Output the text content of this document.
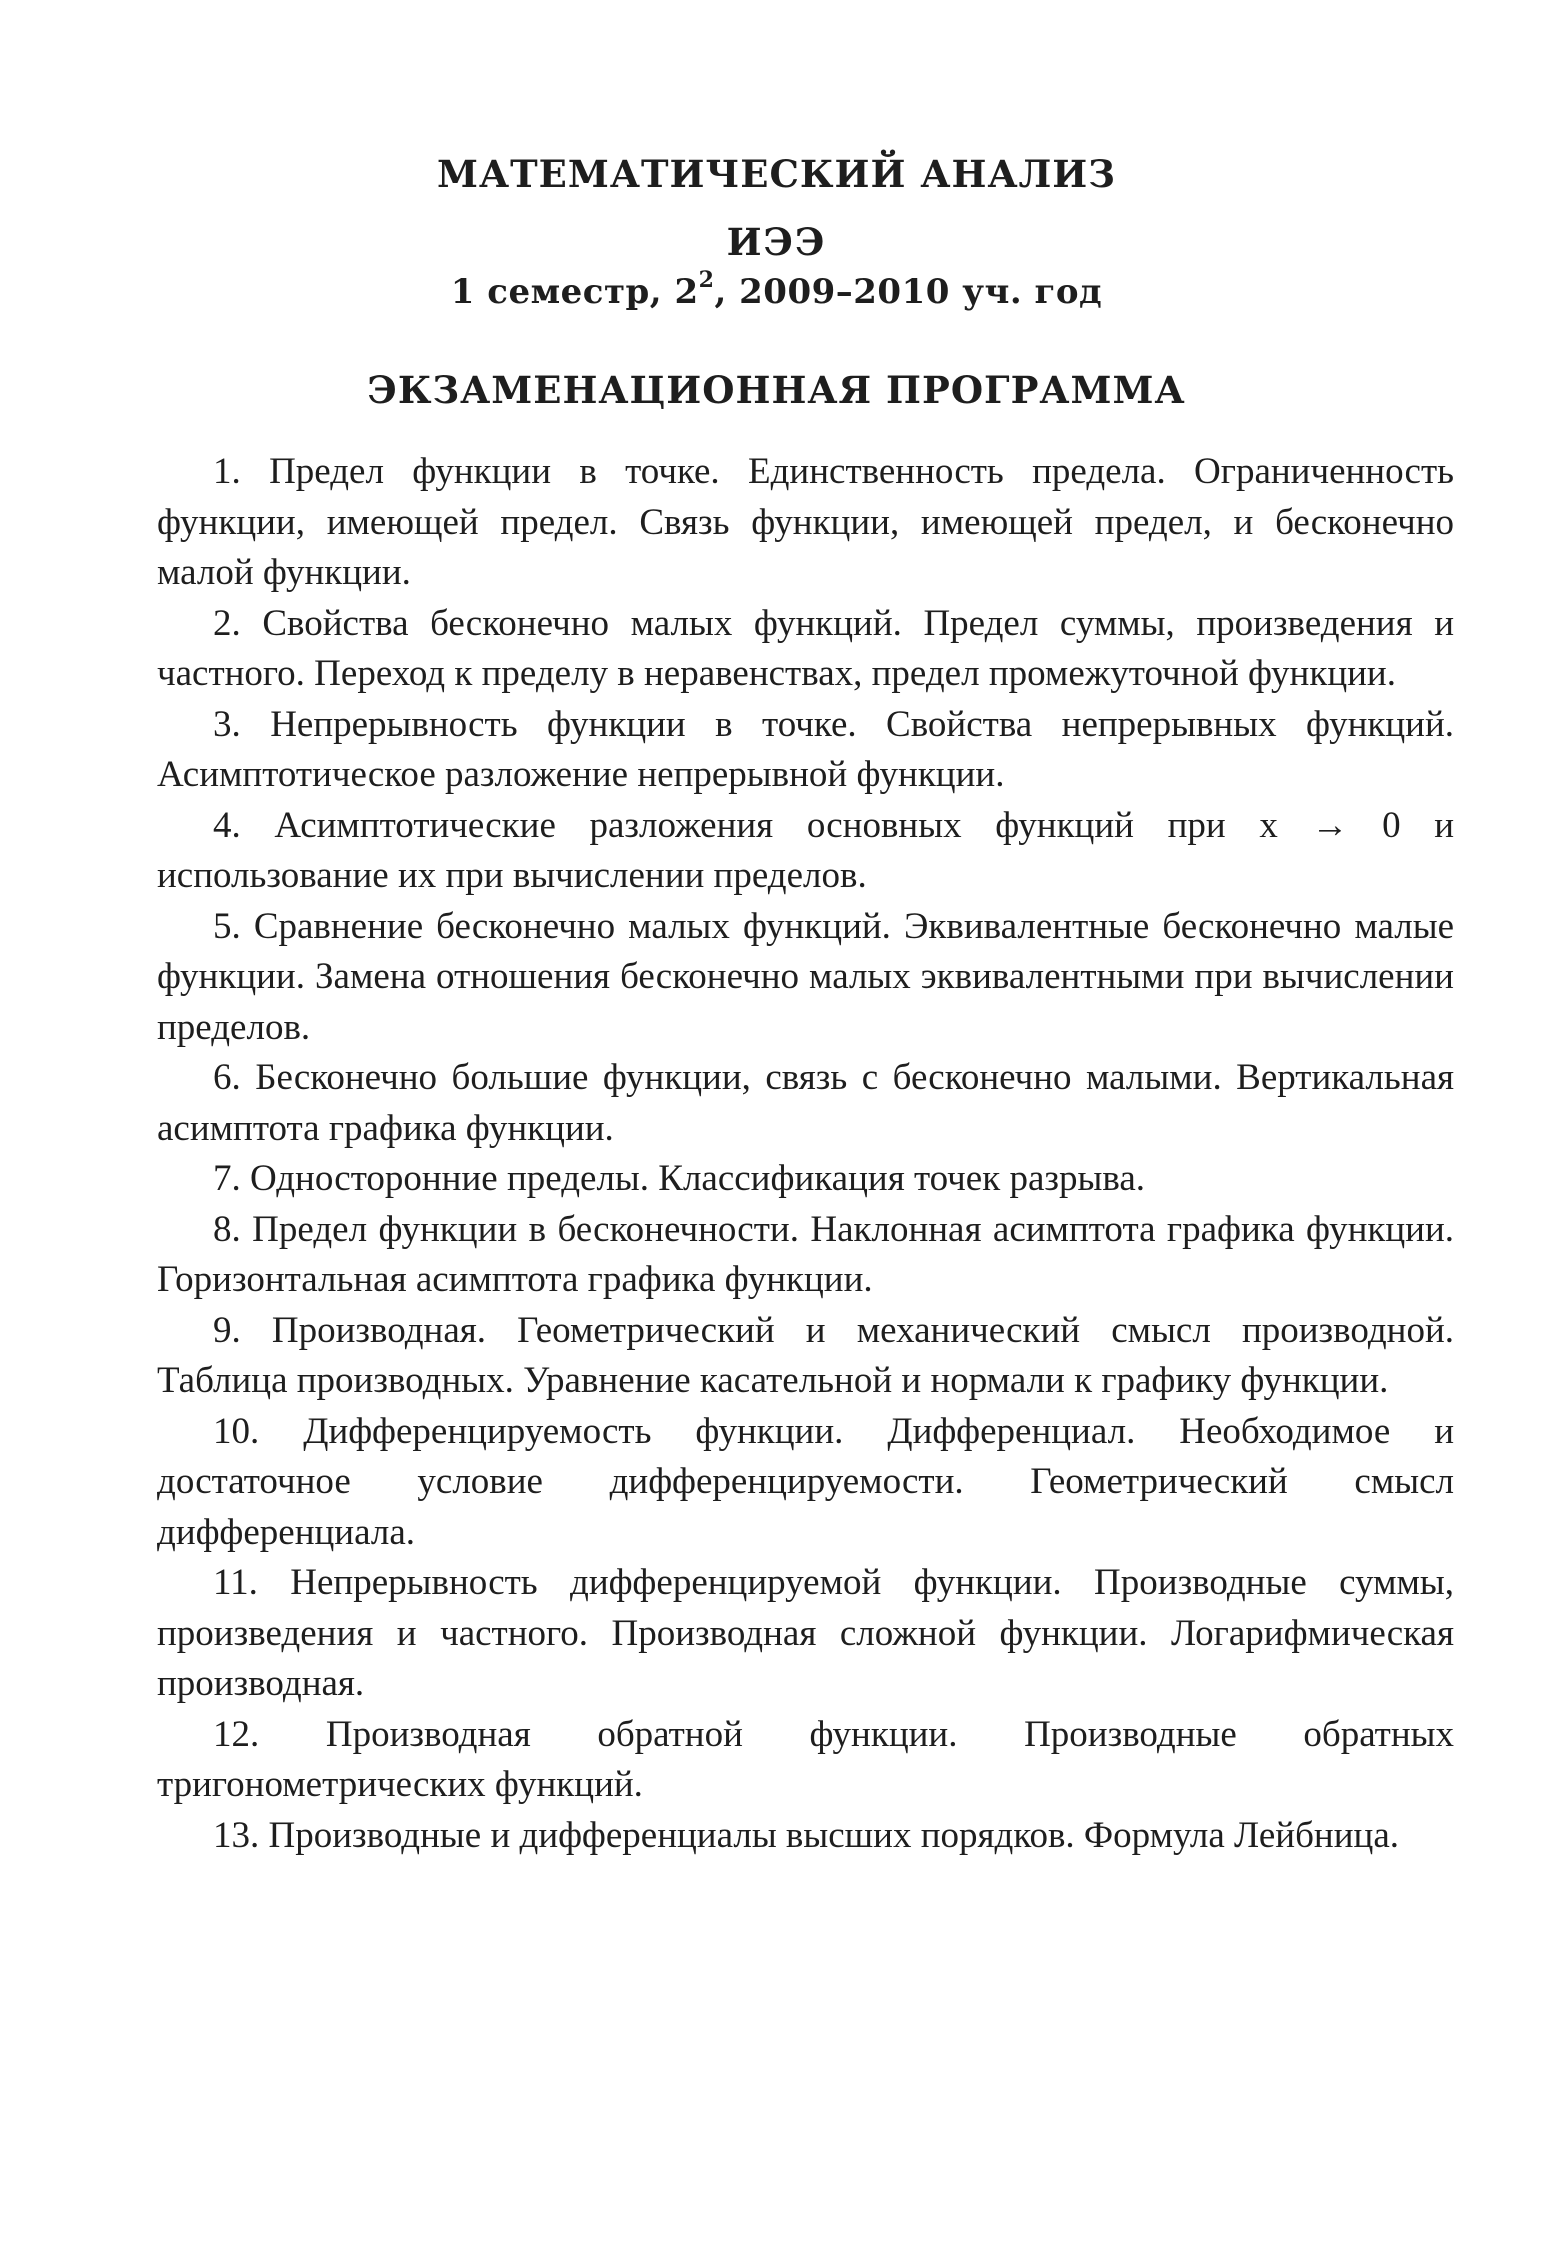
МАТЕМАТИЧЕСКИЙ АНАЛИЗ
ИЭЭ
1 семестр, $2^2$, 2009–2010 уч. год
ЭКЗАМЕНАЦИОННАЯ ПРОГРАММА
1. Предел функции в точке. Единственность предела. Ограниченность функции, имеющей предел. Связь функции, имеющей предел, и бесконечно малой функции.
2. Свойства бесконечно малых функций. Предел суммы, произведения и частного. Переход к пределу в неравенствах, предел промежуточной функции.
3. Непрерывность функции в точке. Свойства непрерывных функций. Асимптотическое разложение непрерывной функции.
4. Асимптотические разложения основных функций при x → 0 и использование их при вычислении пределов.
5. Сравнение бесконечно малых функций. Эквивалентные бесконечно малые функции. Замена отношения бесконечно малых эквивалентными при вычислении пределов.
6. Бесконечно большие функции, связь с бесконечно малыми. Вертикальная асимптота графика функции.
7. Односторонние пределы. Классификация точек разрыва.
8. Предел функции в бесконечности. Наклонная асимптота графика функции. Горизонтальная асимптота графика функции.
9. Производная. Геометрический и механический смысл производной. Таблица производных. Уравнение касательной и нормали к графику функции.
10. Дифференцируемость функции. Дифференциал. Необходимое и достаточное условие дифференцируемости. Геометрический смысл дифференциала.
11. Непрерывность дифференцируемой функции. Производные суммы, произведения и частного. Производная сложной функции. Логарифмическая производная.
12. Производная обратной функции. Производные обратных тригонометрических функций.
13. Производные и дифференциалы высших порядков. Формула Лейбница.
